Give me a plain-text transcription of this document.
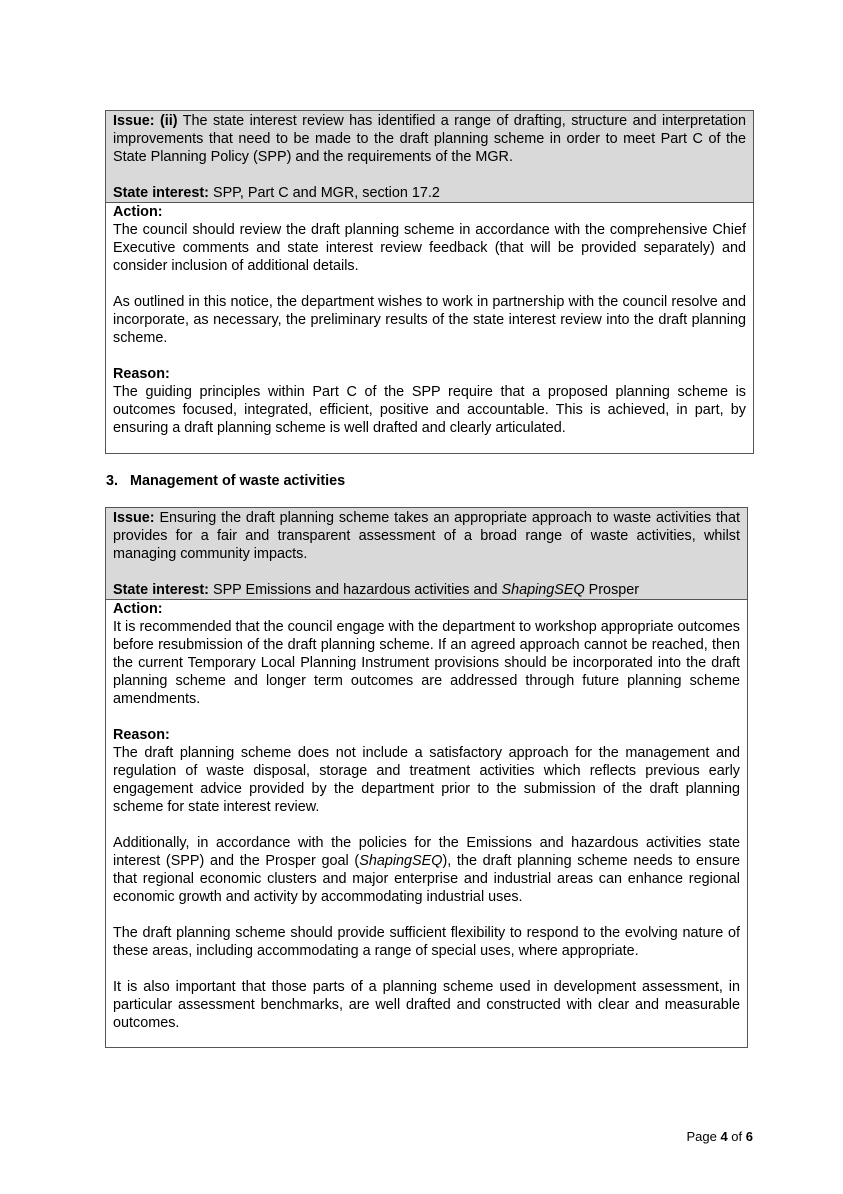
Issue: (ii) The state interest review has identified a range of drafting, structure and interpretation improvements that need to be made to the draft planning scheme in order to meet Part C of the State Planning Policy (SPP) and the requirements of the MGR.

State interest: SPP, Part C and MGR, section 17.2

Action:

The council should review the draft planning scheme in accordance with the comprehensive Chief Executive comments and state interest review feedback (that will be provided separately) and consider inclusion of additional details.

As outlined in this notice, the department wishes to work in partnership with the council resolve and incorporate, as necessary, the preliminary results of the state interest review into the draft planning scheme.

Reason:

The guiding principles within Part C of the SPP require that a proposed planning scheme is outcomes focused, integrated, efficient, positive and accountable. This is achieved, in part, by ensuring a draft planning scheme is well drafted and clearly articulated.

3. Management of waste activities

Issue: Ensuring the draft planning scheme takes an appropriate approach to waste activities that provides for a fair and transparent assessment of a broad range of waste activities, whilst managing community impacts.

State interest: SPP Emissions and hazardous activities and ShapingSEQ Prosper

Action:

It is recommended that the council engage with the department to workshop appropriate outcomes before resubmission of the draft planning scheme. If an agreed approach cannot be reached, then the current Temporary Local Planning Instrument provisions should be incorporated into the draft planning scheme and longer term outcomes are addressed through future planning scheme amendments.

Reason:

The draft planning scheme does not include a satisfactory approach for the management and regulation of waste disposal, storage and treatment activities which reflects previous early engagement advice provided by the department prior to the submission of the draft planning scheme for state interest review.

Additionally, in accordance with the policies for the Emissions and hazardous activities state interest (SPP) and the Prosper goal (ShapingSEQ), the draft planning scheme needs to ensure that regional economic clusters and major enterprise and industrial areas can enhance regional economic growth and activity by accommodating industrial uses.

The draft planning scheme should provide sufficient flexibility to respond to the evolving nature of these areas, including accommodating a range of special uses, where appropriate.

It is also important that those parts of a planning scheme used in development assessment, in particular assessment benchmarks, are well drafted and constructed with clear and measurable outcomes.

Page 4 of 6
